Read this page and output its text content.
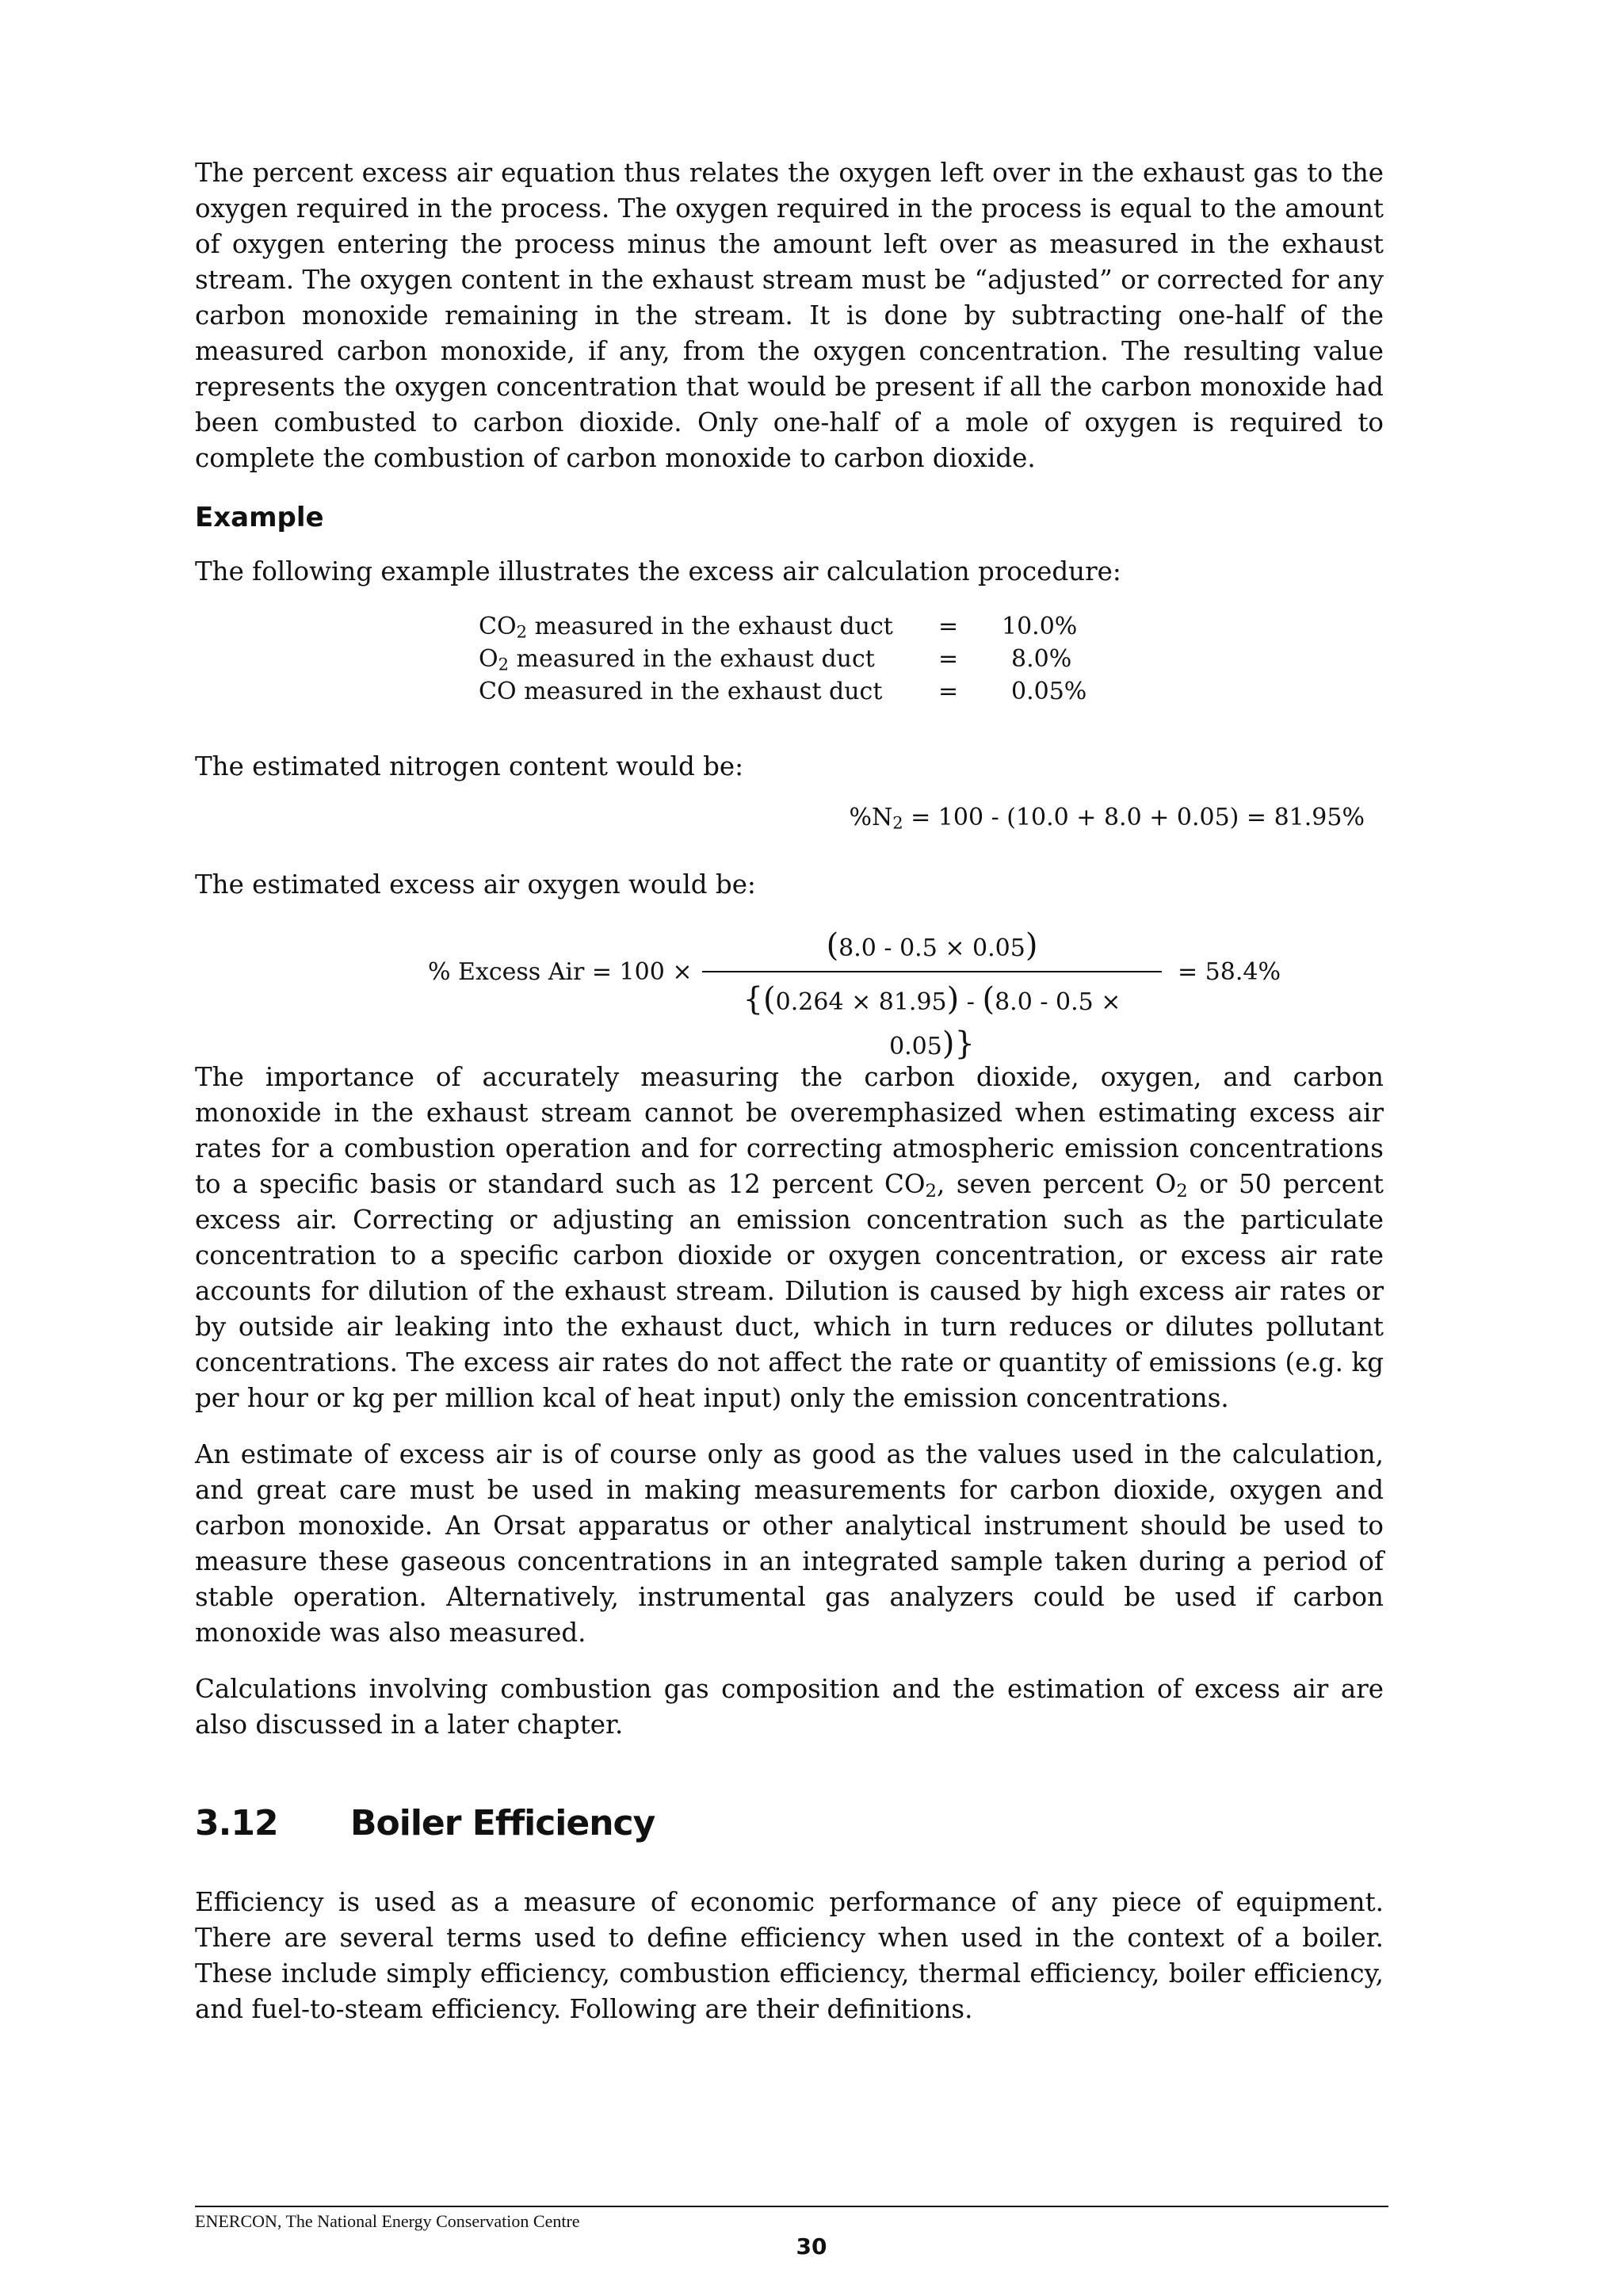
The percent excess air equation thus relates the oxygen left over in the exhaust gas to the oxygen required in the process. The oxygen required in the process is equal to the amount of oxygen entering the process minus the amount left over as measured in the exhaust stream. The oxygen content in the exhaust stream must be “adjusted” or corrected for any carbon monoxide remaining in the stream. It is done by subtracting one-half of the measured carbon monoxide, if any, from the oxygen concentration. The resulting value represents the oxygen concentration that would be present if all the carbon monoxide had been combusted to carbon dioxide. Only one-half of a mole of oxygen is required to complete the combustion of carbon monoxide to carbon dioxide.

Example

The following example illustrates the excess air calculation procedure:

$CO_2$ measured in the exhaust duct	=	10.0%
$O_2$ measured in the exhaust duct	=	8.0%
CO measured in the exhaust duct	=	0.05%

The estimated nitrogen content would be:

$\%N_2 = 100 - (10.0 + 8.0 + 0.05) = 81.95\%$

The estimated excess air oxygen would be:

% Excess Air = 100 ×
(8.0 - 0.5 × 0.05)
{(0.264 × 81.95) - (8.0 - 0.5 × 0.05)}
= 58.4%

The importance of accurately measuring the carbon dioxide, oxygen, and carbon monoxide in the exhaust stream cannot be overemphasized when estimating excess air rates for a combustion operation and for correcting atmospheric emission concentrations to a specific basis or standard such as 12 percent $CO_2$, seven percent $O_2$ or 50 percent excess air. Correcting or adjusting an emission concentration such as the particulate concentration to a specific carbon dioxide or oxygen concentration, or excess air rate accounts for dilution of the exhaust stream. Dilution is caused by high excess air rates or by outside air leaking into the exhaust duct, which in turn reduces or dilutes pollutant concentrations. The excess air rates do not affect the rate or quantity of emissions (e.g. kg per hour or kg per million kcal of heat input) only the emission concentrations.

An estimate of excess air is of course only as good as the values used in the calculation, and great care must be used in making measurements for carbon dioxide, oxygen and carbon monoxide. An Orsat apparatus or other analytical instrument should be used to measure these gaseous concentrations in an integrated sample taken during a period of stable operation. Alternatively, instrumental gas analyzers could be used if carbon monoxide was also measured.

Calculations involving combustion gas composition and the estimation of excess air are also discussed in a later chapter.

3.12	Boiler Efficiency

Efficiency is used as a measure of economic performance of any piece of equipment. There are several terms used to define efficiency when used in the context of a boiler. These include simply efficiency, combustion efficiency, thermal efficiency, boiler efficiency, and fuel-to-steam efficiency. Following are their definitions.

ENERCON, The National Energy Conservation Centre
30
